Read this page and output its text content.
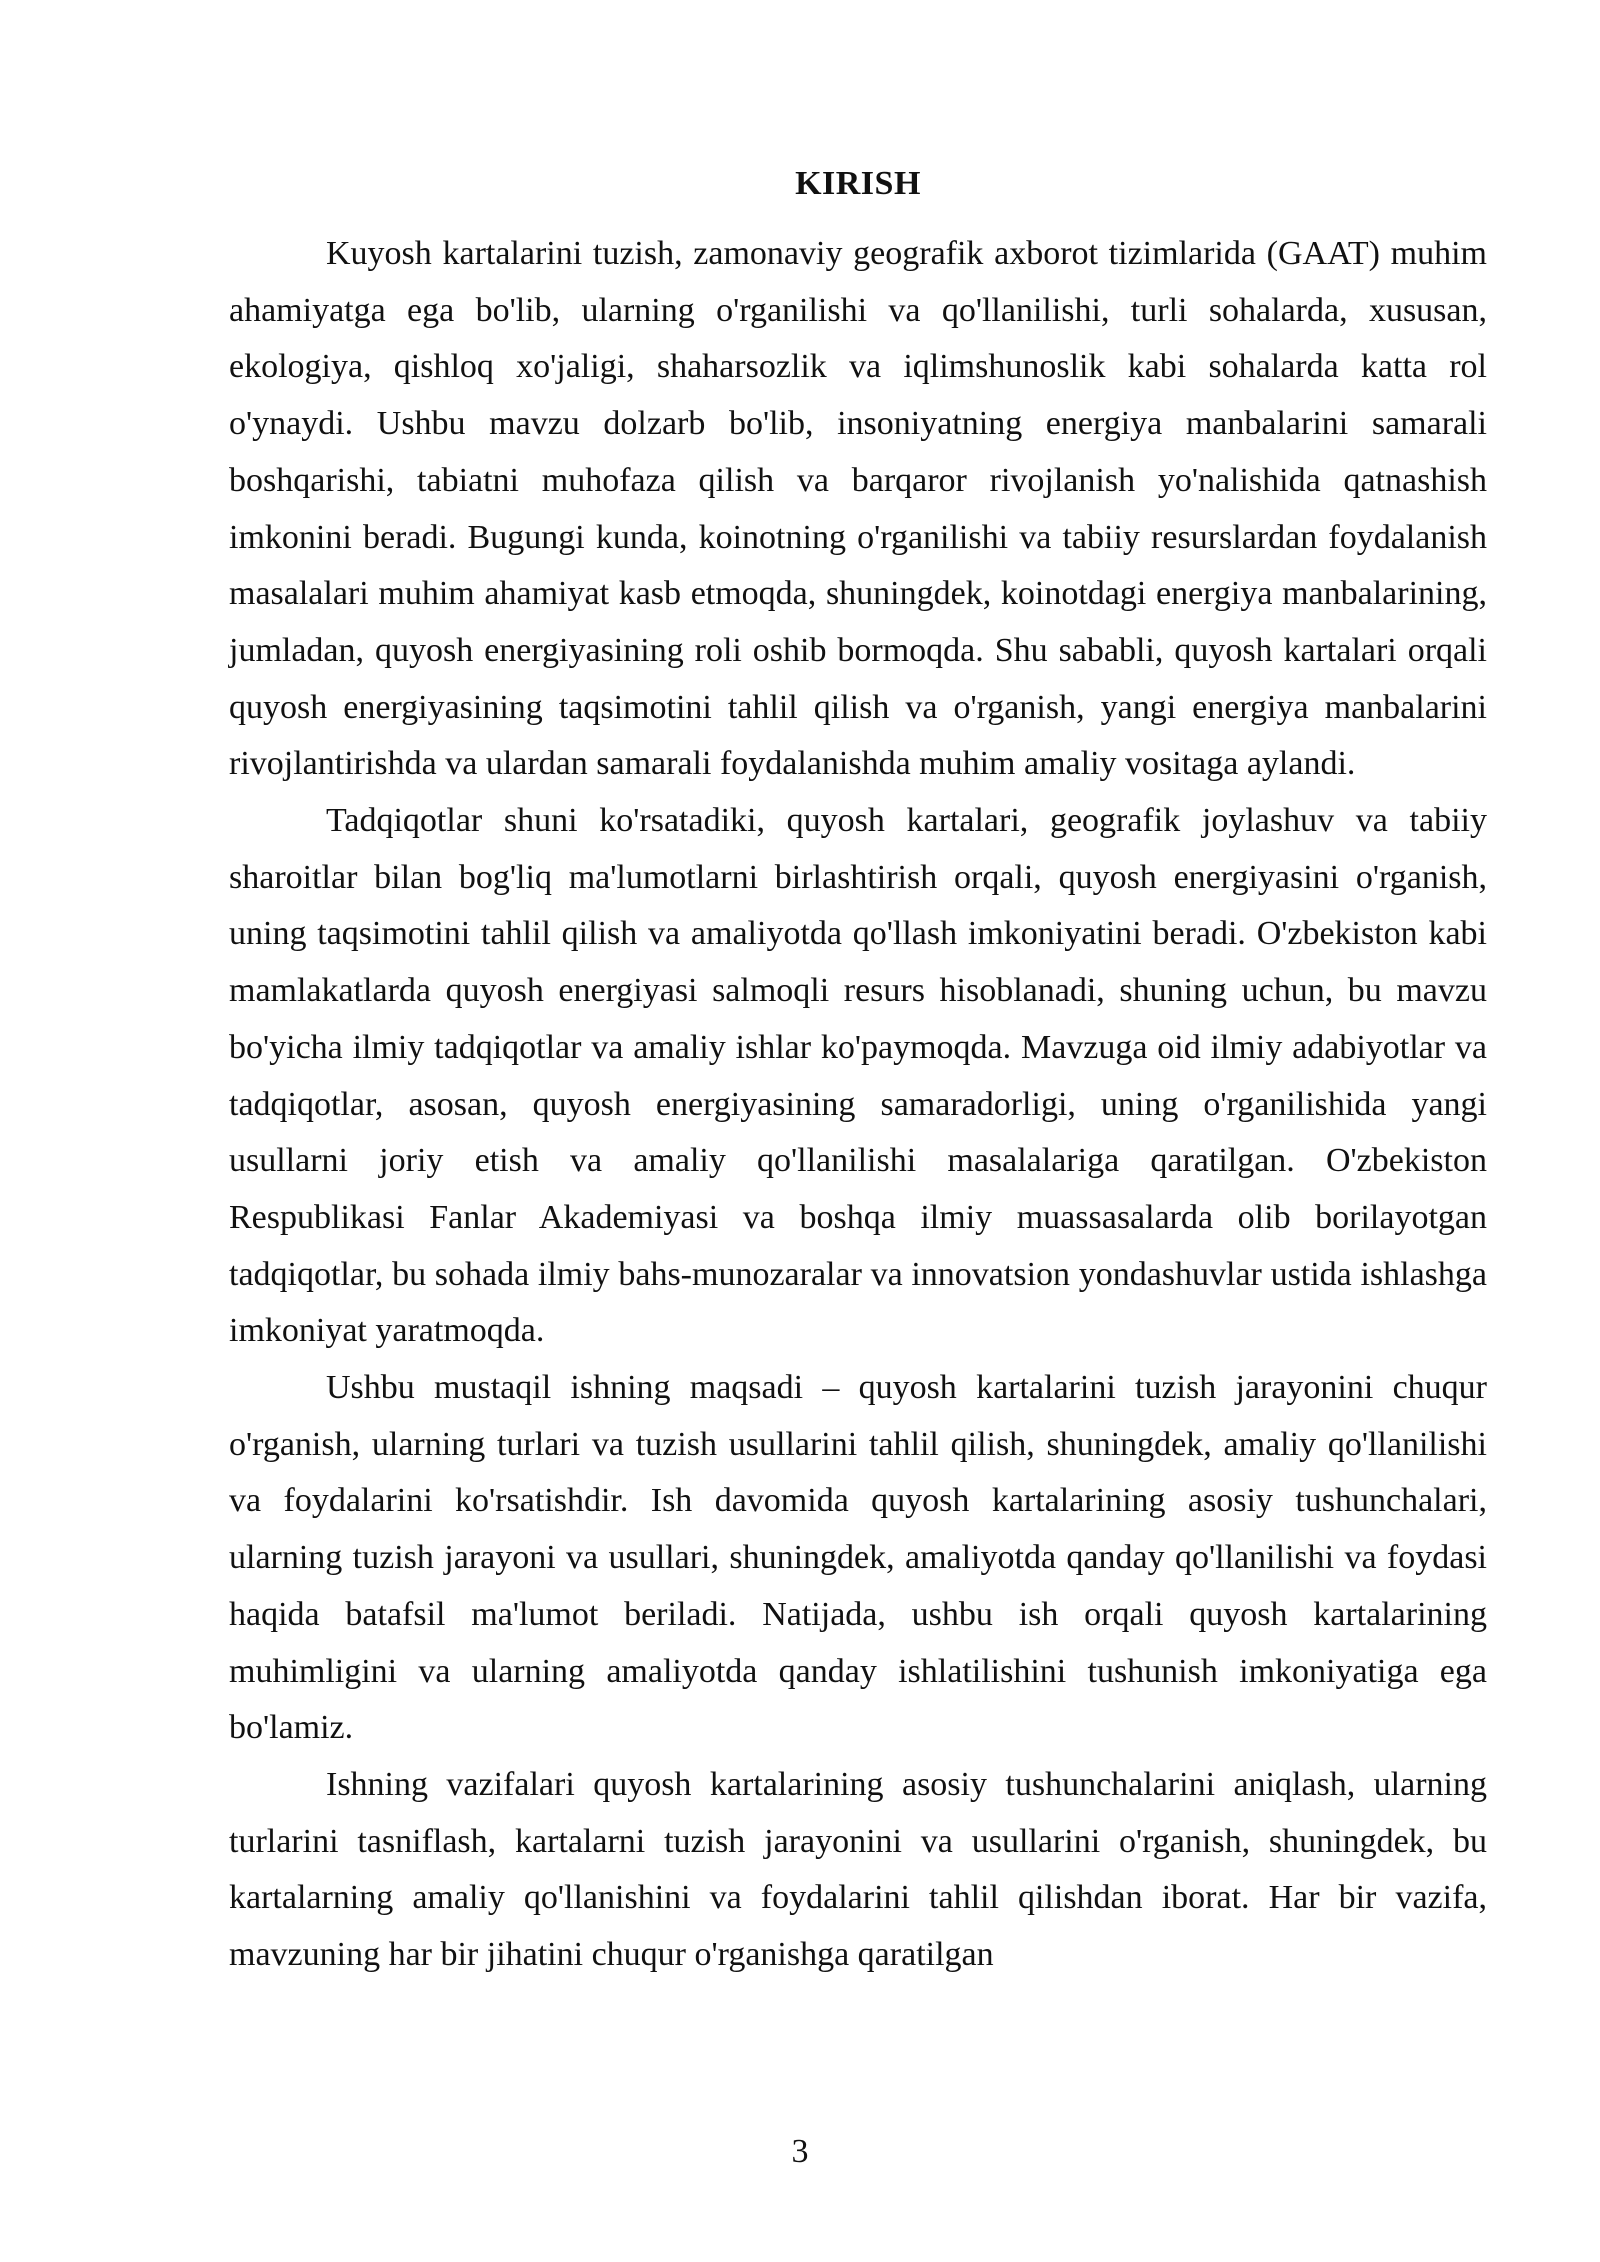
KIRISH

Kuyosh kartalarini tuzish, zamonaviy geografik axborot tizimlarida (GAAT) muhim ahamiyatga ega bo'lib, ularning o'rganilishi va qo'llanilishi, turli sohalarda, xususan, ekologiya, qishloq xo'jaligi, shaharsozlik va iqlimshunoslik kabi sohalarda katta rol o'ynaydi. Ushbu mavzu dolzarb bo'lib, insoniyatning energiya manbalarini samarali boshqarishi, tabiatni muhofaza qilish va barqaror rivojlanish yo'nalishida qatnashish imkonini beradi. Bugungi kunda, koinotning o'rganilishi va tabiiy resurslardan foydalanish masalalari muhim ahamiyat kasb etmoqda, shuningdek, koinotdagi energiya manbalarining, jumladan, quyosh energiyasining roli oshib bormoqda. Shu sababli, quyosh kartalari orqali quyosh energiyasining taqsimotini tahlil qilish va o'rganish, yangi energiya manbalarini rivojlantirishda va ulardan samarali foydalanishda muhim amaliy vositaga aylandi.

Tadqiqotlar shuni ko'rsatadiki, quyosh kartalari, geografik joylashuv va tabiiy sharoitlar bilan bog'liq ma'lumotlarni birlashtirish orqali, quyosh energiyasini o'rganish, uning taqsimotini tahlil qilish va amaliyotda qo'llash imkoniyatini beradi. O'zbekiston kabi mamlakatlarda quyosh energiyasi salmoqli resurs hisoblanadi, shuning uchun, bu mavzu bo'yicha ilmiy tadqiqotlar va amaliy ishlar ko'paymoqda. Mavzuga oid ilmiy adabiyotlar va tadqiqotlar, asosan, quyosh energiyasining samaradorligi, uning o'rganilishida yangi usullarni joriy etish va amaliy qo'llanilishi masalalariga qaratilgan. O'zbekiston Respublikasi Fanlar Akademiyasi va boshqa ilmiy muassasalarda olib borilayotgan tadqiqotlar, bu sohada ilmiy bahs-munozaralar va innovatsion yondashuvlar ustida ishlashga imkoniyat yaratmoqda.

Ushbu mustaqil ishning maqsadi – quyosh kartalarini tuzish jarayonini chuqur o'rganish, ularning turlari va tuzish usullarini tahlil qilish, shuningdek, amaliy qo'llanilishi va foydalarini ko'rsatishdir. Ish davomida quyosh kartalarining asosiy tushunchalari, ularning tuzish jarayoni va usullari, shuningdek, amaliyotda qanday qo'llanilishi va foydasi haqida batafsil ma'lumot beriladi. Natijada, ushbu ish orqali quyosh kartalarining muhimligini va ularning amaliyotda qanday ishlatilishini tushunish imkoniyatiga ega bo'lamiz.

Ishning vazifalari quyosh kartalarining asosiy tushunchalarini aniqlash, ularning turlarini tasniflash, kartalarni tuzish jarayonini va usullarini o'rganish, shuningdek, bu kartalarning amaliy qo'llanishini va foydalarini tahlil qilishdan iborat. Har bir vazifa, mavzuning har bir jihatini chuqur o'rganishga qaratilgan

3
